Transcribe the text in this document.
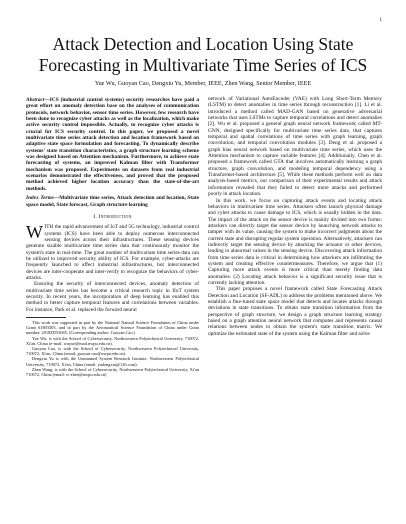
1
Attack Detection and Location Using State Forecasting in Multivariate Time Series of ICS
Yue Wu, Guoyan Cao, Dengxiu Yu, Member, IEEE, Zhen Wang, Senior Member, IEEE

Abstract—ICS (industrial control systems) security researches have paid a great effort on anomaly detection base on the analyses of communication protocols, network behavior, sensor time series. However, few research have been done to recognize cyber attacks as well as the localization, which make active security control impossible. Actually, to recognize cyber attacks is crucial for ICS security control. In this paper, we proposed a novel multivariate time series attack detection and location framework based on adaptive state space formulation and forecasting. To dynamically describe systems' state transition characteristics, a graph structure learning scheme was designed based on Attention mechanism. Furthermore, to achieve state forecasting of systems, an improved Kalman filter with Transformer mechanism was proposed. Experiments on datasets from real industrial scenarios demonstrated the effectiveness, and proved that the proposed method achieved higher location accuracy than the state-of-the-art methods.

Index Terms—Multivariate time series, Attack detection and location, State space model, State forecast, Graph structure learning

I. Introduction

WITH the rapid advancement of IoT and 5G technology, industrial control systems (ICS) have been able to deploy numerous interconnected sensing devices across their infrastructures. These sensing devices generate sizable multivariate time series data that continuously monitor the system's state in real-time. The great number of multivariate time series data can be utilized to improved security ability of ICS. For example, cyber-attacks are frequently launched to affect industrial infrastructures, but interconnected devices are inter-cooperate and inter-verify to recognize the behaviors of cyber-attacks.

Ensuring the security of interconnected devices, anomaly detection of multivariate time series has become a critical research topic in IIoT system security. In recent years, the incorporation of deep learning has enabled this method to better capture temporal features and correlations between variables. For instance, Park et al. replaced the forward neural

This work was supported in part by the National Natural Science Foundation of China under Grant 61803305, and in part by the Aeronautical Science Foundation of China under Grant number: 2018ZD53045. (Corresponding author: Guoyan Cao.)

Yue Wu, is with the School of Cybersecurity, Northwestern Polytechnical University, 710072, Xi'an, China (e-mail: wuyue@mail.nwpu.edu.cn).

Guoyan Cao, is with the School of Cybersecurity, Northwestern Polytechnical University, 710072, Xi'an, China (email: guoyan.cao@nwpu.edu.cn).

Dengxiu Yu is with the Unmanned System Research Institute, Northwestern Polytechnical University, 710072, Xi'an, China (email: yudengxiu@126.com).

Zhen Wang, is with the School of Cybersecurity, Northwestern Polytechnical University, Xi'an 710072, China (email: w-zhen@nwpu.edu.cn)

network of Variational AutoEncoder (VAE) with Long Short-Term Memory (LSTM) to detect anomalies in time series through reconstruction [1]. Li et al. introduced a method called MAD-GAN based on generative adversarial networks that uses LSTMs to capture temporal correlations and detect anomalies [2]. Wu et al. proposed a general graph neural network framework called MT-GNN, designed specifically for multivariate time series data, that captures temporal and spatial correlations of time series with graph learning, graph convolution, and temporal convolution modules [3]. Deng et al. proposed a graph bias neural network based on multivariate time series, which uses the Attention mechanism to capture variable features [4]. Additionally, Chen et al. proposed a framework called GTA that involves automatically learning a graph structure, graph convolution, and modeling temporal dependency using a Transformer-based architecture [5]. While these methods perform well on data analysis-based metrics, our comparison of their experimental results and attack information revealed that they failed to detect more attacks and performed poorly in attack location.

In this work, we focus on capturing attack events and locating attack behaviors in multivariate time series. Attackers often launch physical damage and cyber attacks to cause damage to ICS, which is usually hidden in the data. The impact of the attack on the sensor device is mainly divided into two forms: attackers can directly target the sensor device by launching network attacks to tamper with its value, causing the system to make incorrect judgments about the current state and disrupting regular system operation. Alternatively, attackers can indirectly target the sensing device by attacking the actuator or other devices, leading to abnormal values in the sensing device. Discovering attack information from time series data is critical in determining how attackers are infiltrating the system and creating effective countermeasures. Therefore, we argue that (1) Capturing more attack events is more critical than merely finding data anomalies. (2) Locating attack behavior is a significant security issue that is currently lacking attention.

This paper proposes a novel framework called State Forecasting Attack Detection and Location (SF-ADL) to address the problems mentioned above. We establish a fine-tuned state space model that detects and locates attacks through deviations in state transitions. To obtain state transition information from the perspective of graph structure, we design a graph structure learning strategy based on a graph attention neural network that computes and represents causal relations between nodes to obtain the system's state transition matrix. We optimize the estimated state of the system using the Kalman filter and solve
